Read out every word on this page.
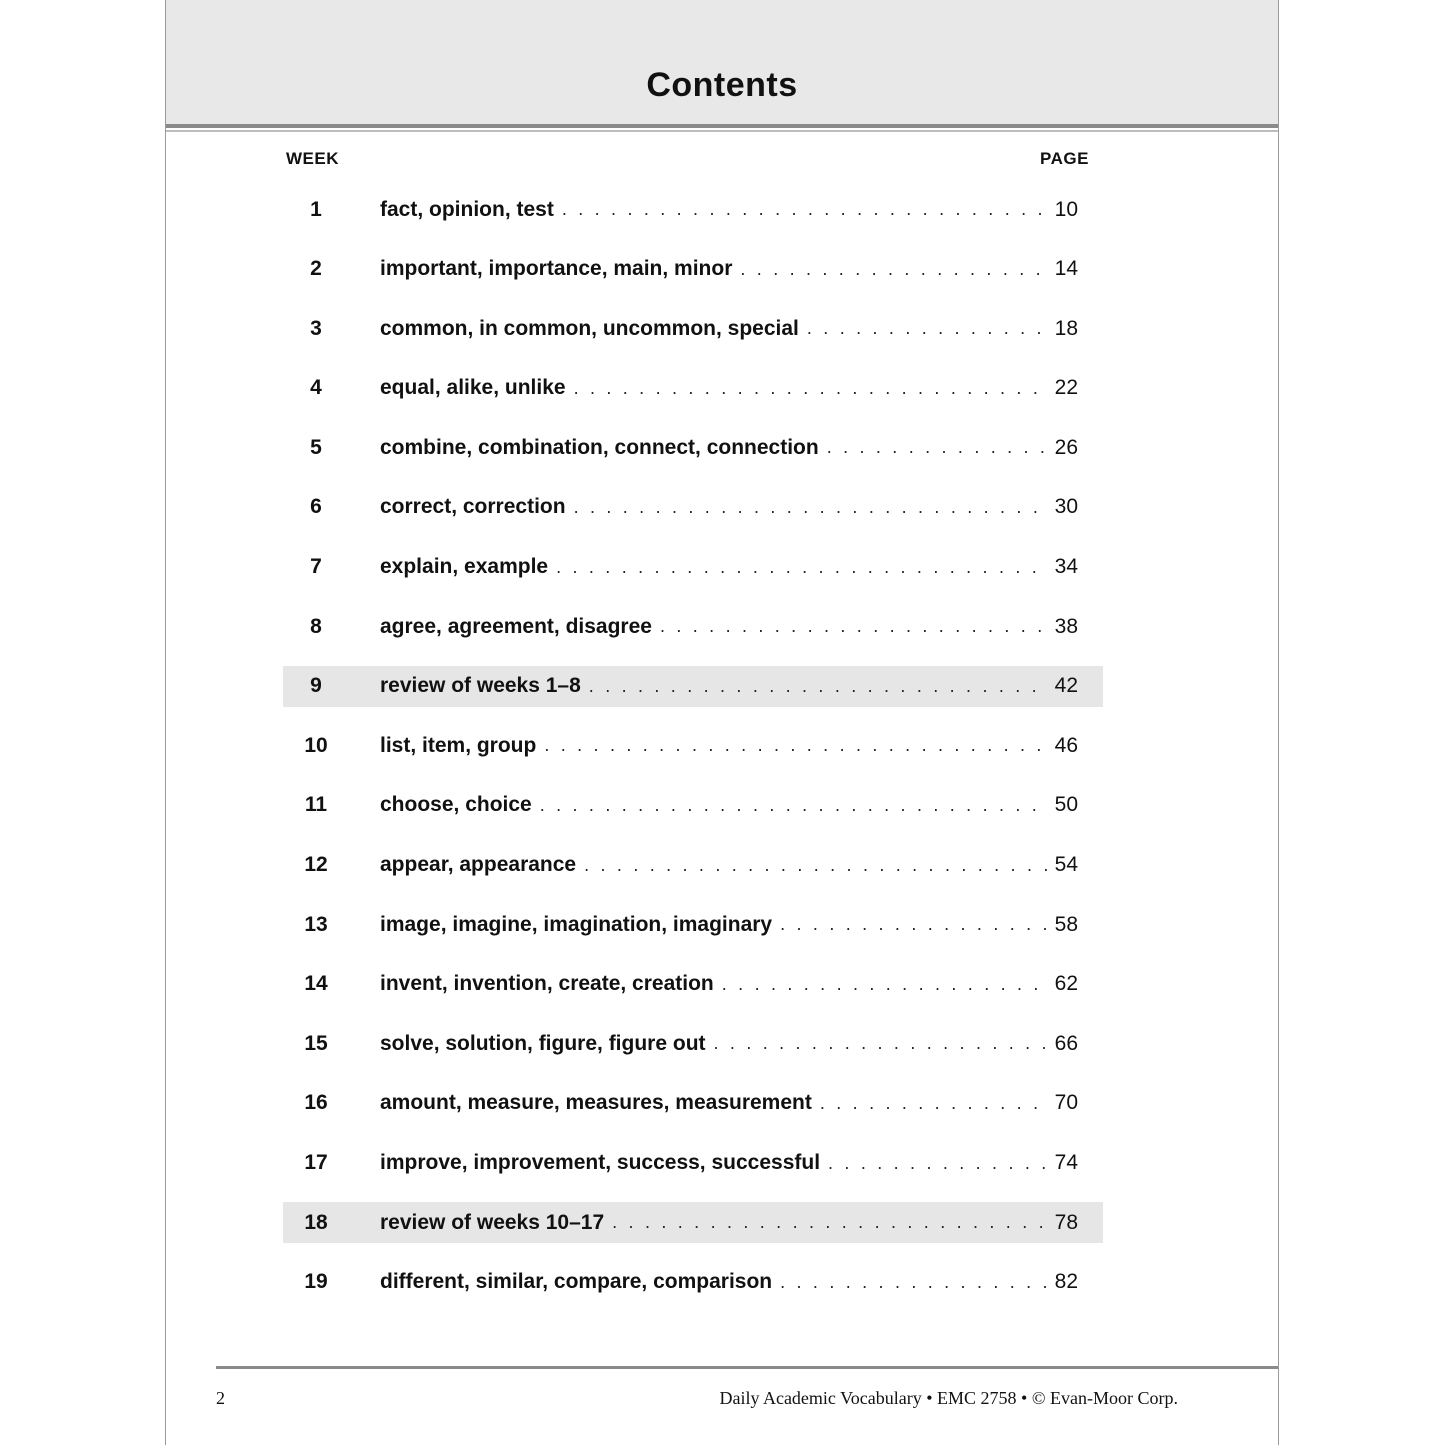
Contents
WEEK	PAGE
1	fact, opinion, test . . .	10
2	important, importance, main, minor . . .	14
3	common, in common, uncommon, special . . .	18
4	equal, alike, unlike . . .	22
5	combine, combination, connect, connection . . .	26
6	correct, correction . . .	30
7	explain, example . . .	34
8	agree, agreement, disagree . . .	38
9	review of weeks 1–8 . . .	42
10	list, item, group . . .	46
11	choose, choice . . .	50
12	appear, appearance . . .	54
13	image, imagine, imagination, imaginary . . .	58
14	invent, invention, create, creation . . .	62
15	solve, solution, figure, figure out . . .	66
16	amount, measure, measures, measurement . . .	70
17	improve, improvement, success, successful . . .	74
18	review of weeks 10–17 . . .	78
19	different, similar, compare, comparison . . .	82
2	Daily Academic Vocabulary • EMC 2758 • © Evan-Moor Corp.
